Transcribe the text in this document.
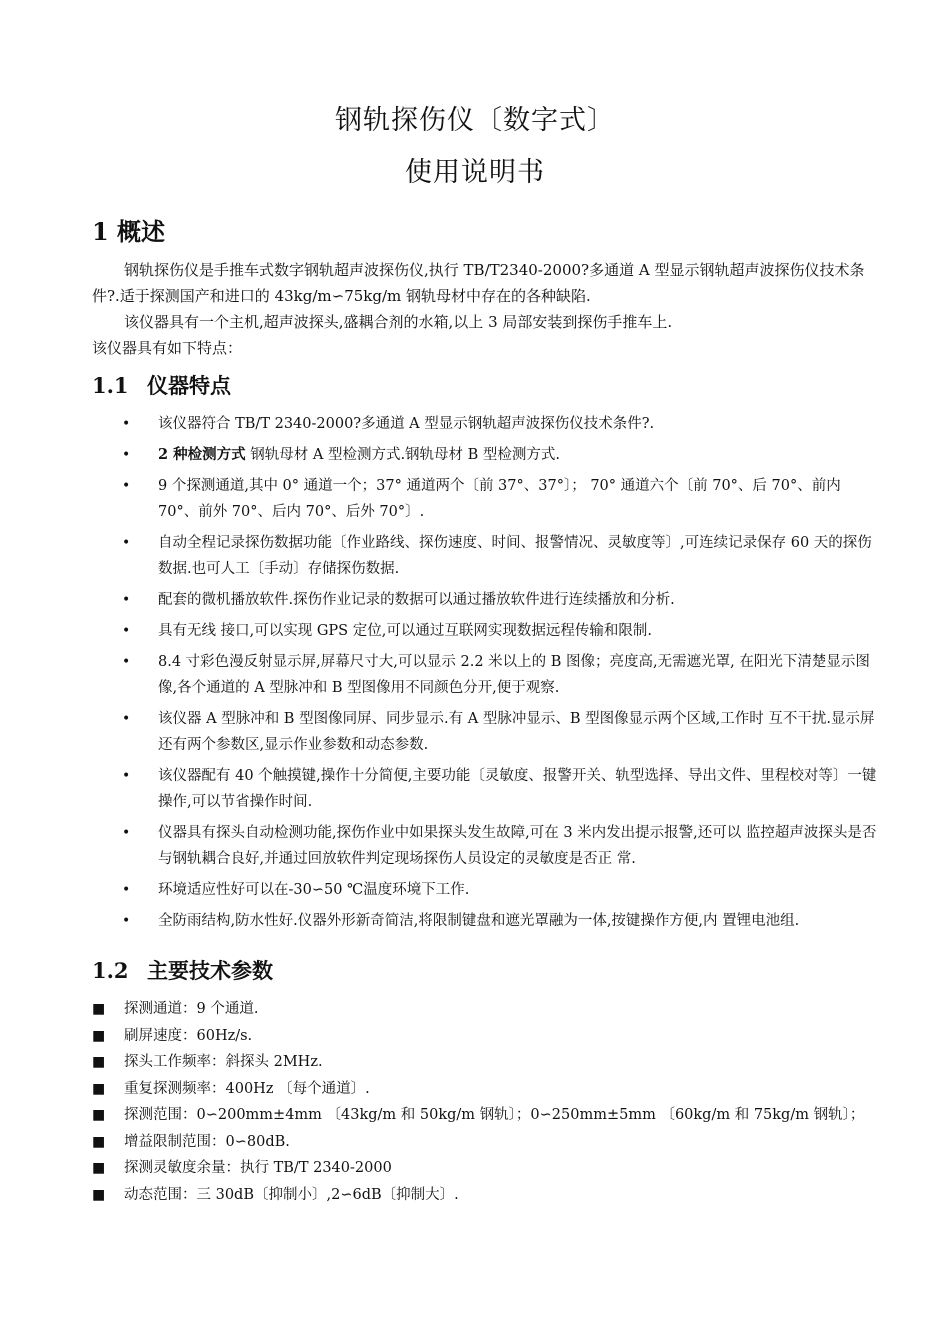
钢轨探伤仪〔数字式〕
使用说明书
1 概述
钢轨探伤仪是手推车式数字钢轨超声波探伤仪,执行 TB/T2340-2000?多通道 A 型显示钢轨超声波探伤仪技术条件?.适于探测国产和进口的 43kg/m∽75kg/m 钢轨母材中存在的各种缺陷.
该仪器具有一个主机,超声波探头,盛耦合剂的水箱,以上 3 局部安装到探伤手推车上.
该仪器具有如下特点：
1.1 仪器特点
• 该仪器符合 TB/T 2340-2000?多通道 A 型显示钢轨超声波探伤仪技术条件?.
• 2 种检测方式 钢轨母材 A 型检测方式.钢轨母材 B 型检测方式.
• 9 个探测通道,其中 0° 通道一个；37° 通道两个〔前 37°、37°〕； 70° 通道六个〔前 70°、后 70°、前内 70°、前外 70°、后内 70°、后外 70°〕.
• 自动全程记录探伤数据功能〔作业路线、探伤速度、时间、报警情况、灵敏度等〕,可连续记录保存 60 天的探伤数据.也可人工〔手动〕存储探伤数据.
• 配套的微机播放软件.探伤作业记录的数据可以通过播放软件进行连续播放和分析.
• 具有无线 接口,可以实现 GPS 定位,可以通过互联网实现数据远程传输和限制.
• 8.4 寸彩色漫反射显示屏,屏幕尺寸大,可以显示 2.2 米以上的 B 图像；亮度高,无需遮光罩, 在阳光下清楚显示图像,各个通道的 A 型脉冲和 B 型图像用不同颜色分开,便于观察.
• 该仪器 A 型脉冲和 B 型图像同屏、同步显示.有 A 型脉冲显示、B 型图像显示两个区域,工作时 互不干扰.显示屏还有两个参数区,显示作业参数和动态参数.
• 该仪器配有 40 个触摸键,操作十分简便,主要功能〔灵敏度、报警开关、轨型选择、导出文件、里程校对等〕一键操作,可以节省操作时间.
• 仪器具有探头自动检测功能,探伤作业中如果探头发生故障,可在 3 米内发出提示报警,还可以 监控超声波探头是否与钢轨耦合良好,并通过回放软件判定现场探伤人员设定的灵敏度是否正 常.
• 环境适应性好可以在-30∽50 ℃温度环境下工作.
• 全防雨结构,防水性好.仪器外形新奇简洁,将限制键盘和遮光罩融为一体,按键操作方便,内 置锂电池组.
1.2 主要技术参数
■ 探测通道：9 个通道.
■ 刷屏速度：60Hz/s.
■ 探头工作频率：斜探头 2MHz.
■ 重复探测频率：400Hz 〔每个通道〕.
■ 探测范围：0∽200mm±4mm 〔43kg/m 和 50kg/m 钢轨〕；0∽250mm±5mm 〔60kg/m 和 75kg/m 钢轨〕；
■ 增益限制范围：0∽80dB.
■ 探测灵敏度余量：执行 TB/T 2340-2000
■ 动态范围：三 30dB〔抑制小〕,2∽6dB〔抑制大〕.
